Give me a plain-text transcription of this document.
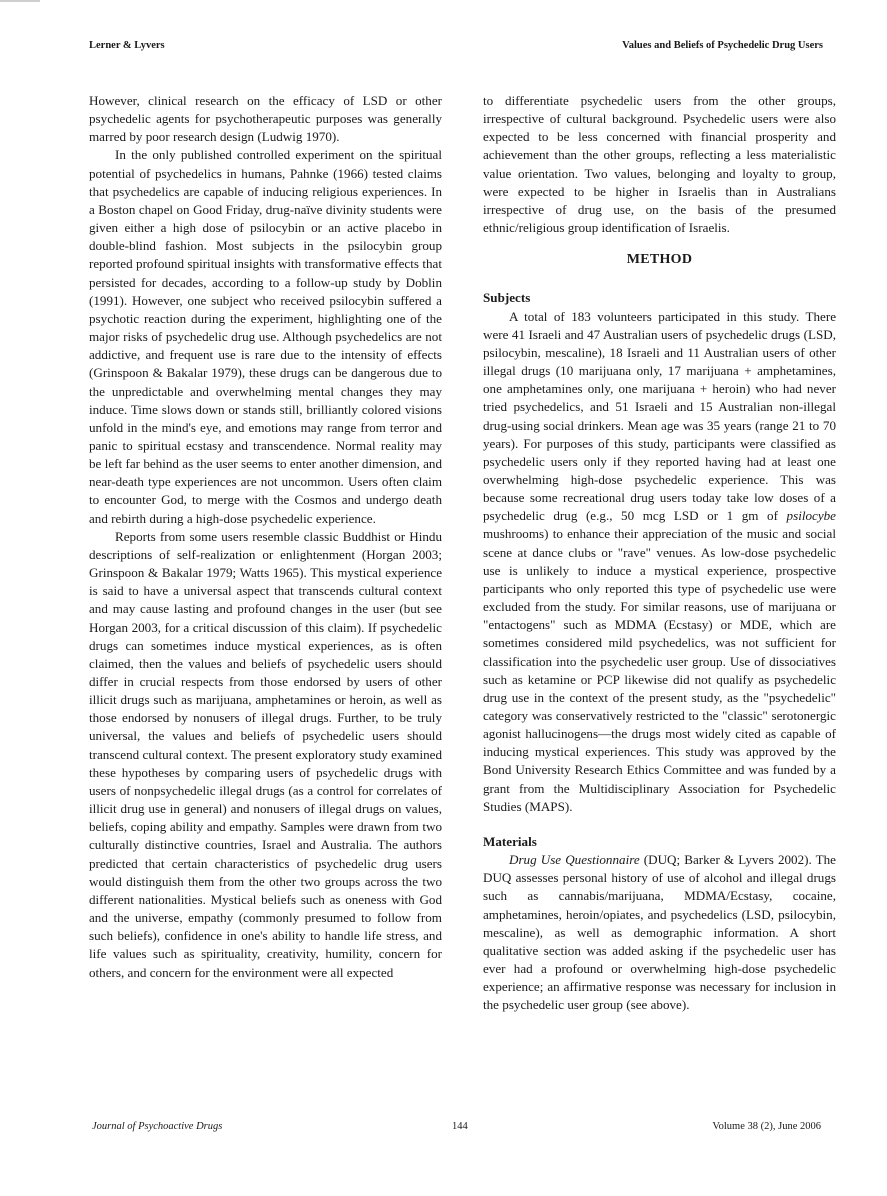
Lerner & Lyvers	Values and Beliefs of Psychedelic Drug Users

However, clinical research on the efficacy of LSD or other psychedelic agents for psychotherapeutic purposes was generally marred by poor research design (Ludwig 1970).

In the only published controlled experiment on the spiritual potential of psychedelics in humans, Pahnke (1966) tested claims that psychedelics are capable of inducing religious experiences. In a Boston chapel on Good Friday, drug-naïve divinity students were given either a high dose of psilocybin or an active placebo in double-blind fashion. Most subjects in the psilocybin group reported profound spiritual insights with transformative effects that persisted for decades, according to a follow-up study by Doblin (1991). However, one subject who received psilocybin suffered a psychotic reaction during the experiment, highlighting one of the major risks of psychedelic drug use. Although psychedelics are not addictive, and frequent use is rare due to the intensity of effects (Grinspoon & Bakalar 1979), these drugs can be dangerous due to the unpredictable and overwhelming mental changes they may induce. Time slows down or stands still, brilliantly colored visions unfold in the mind's eye, and emotions may range from terror and panic to spiritual ecstasy and transcendence. Normal reality may be left far behind as the user seems to enter another dimension, and near-death type experiences are not uncommon. Users often claim to encounter God, to merge with the Cosmos and undergo death and rebirth during a high-dose psychedelic experience.

Reports from some users resemble classic Buddhist or Hindu descriptions of self-realization or enlightenment (Horgan 2003; Grinspoon & Bakalar 1979; Watts 1965). This mystical experience is said to have a universal aspect that transcends cultural context and may cause lasting and profound changes in the user (but see Horgan 2003, for a critical discussion of this claim). If psychedelic drugs can sometimes induce mystical experiences, as is often claimed, then the values and beliefs of psychedelic users should differ in crucial respects from those endorsed by users of other illicit drugs such as marijuana, amphetamines or heroin, as well as those endorsed by nonusers of illegal drugs. Further, to be truly universal, the values and beliefs of psychedelic users should transcend cultural context. The present exploratory study examined these hypotheses by comparing users of psychedelic drugs with users of nonpsychedelic illegal drugs (as a control for correlates of illicit drug use in general) and nonusers of illegal drugs on values, beliefs, coping ability and empathy. Samples were drawn from two culturally distinctive countries, Israel and Australia. The authors predicted that certain characteristics of psychedelic drug users would distinguish them from the other two groups across the two different nationalities. Mystical beliefs such as oneness with God and the universe, empathy (commonly presumed to follow from such beliefs), confidence in one's ability to handle life stress, and life values such as spirituality, creativity, humility, concern for others, and concern for the environment were all expected

to differentiate psychedelic users from the other groups, irrespective of cultural background. Psychedelic users were also expected to be less concerned with financial prosperity and achievement than the other groups, reflecting a less materialistic value orientation. Two values, belonging and loyalty to group, were expected to be higher in Israelis than in Australians irrespective of drug use, on the basis of the presumed ethnic/religious group identification of Israelis.

METHOD

Subjects

A total of 183 volunteers participated in this study. There were 41 Israeli and 47 Australian users of psychedelic drugs (LSD, psilocybin, mescaline), 18 Israeli and 11 Australian users of other illegal drugs (10 marijuana only, 17 marijuana + amphetamines, one amphetamines only, one marijuana + heroin) who had never tried psychedelics, and 51 Israeli and 15 Australian non-illegal drug-using social drinkers. Mean age was 35 years (range 21 to 70 years). For purposes of this study, participants were classified as psychedelic users only if they reported having had at least one overwhelming high-dose psychedelic experience. This was because some recreational drug users today take low doses of a psychedelic drug (e.g., 50 mcg LSD or 1 gm of psilocybe mushrooms) to enhance their appreciation of the music and social scene at dance clubs or "rave" venues. As low-dose psychedelic use is unlikely to induce a mystical experience, prospective participants who only reported this type of psychedelic use were excluded from the study. For similar reasons, use of marijuana or "entactogens" such as MDMA (Ecstasy) or MDE, which are sometimes considered mild psychedelics, was not sufficient for classification into the psychedelic user group. Use of dissociatives such as ketamine or PCP likewise did not qualify as psychedelic drug use in the context of the present study, as the "psychedelic" category was conservatively restricted to the "classic" serotonergic agonist hallucinogens—the drugs most widely cited as capable of inducing mystical experiences. This study was approved by the Bond University Research Ethics Committee and was funded by a grant from the Multidisciplinary Association for Psychedelic Studies (MAPS).

Materials

Drug Use Questionnaire (DUQ; Barker & Lyvers 2002). The DUQ assesses personal history of use of alcohol and illegal drugs such as cannabis/marijuana, MDMA/Ecstasy, cocaine, amphetamines, heroin/opiates, and psychedelics (LSD, psilocybin, mescaline), as well as demographic information. A short qualitative section was added asking if the psychedelic user has ever had a profound or overwhelming high-dose psychedelic experience; an affirmative response was necessary for inclusion in the psychedelic user group (see above).

Journal of Psychoactive Drugs	144	Volume 38 (2), June 2006
